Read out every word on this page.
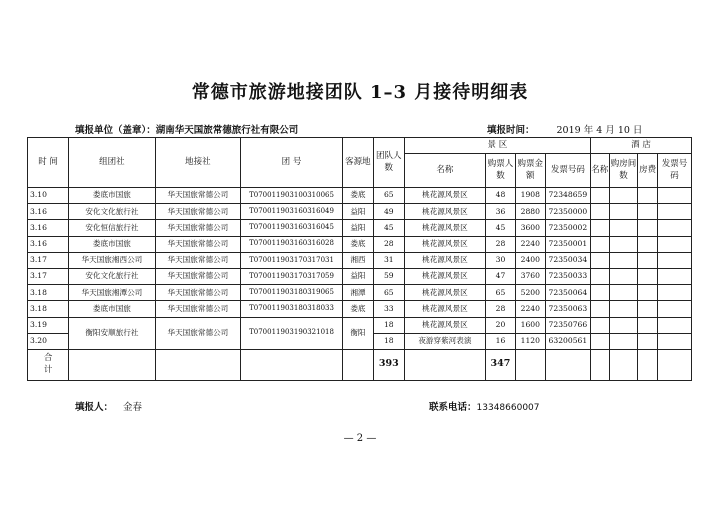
常德市旅游地接团队 1–3 月接待明细表
填报单位（盖章）：湖南华天国旅常德旅行社有限公司	填报时间： 2019 年 4 月 10 日
时 间	组团社	地接社	团 号	客源地	团队人数	景 区				酒 店			
						名称	购票人数	购票金额	发票号码	名称	购房间数	房费	发票号码
3.10	娄底市国旅	华天国旅常德公司	T070011903100310065	娄底	65	桃花源风景区	48	1908	72348659				
3.16	安化文化旅行社	华天国旅常德公司	T070011903160316049	益阳	49	桃花源风景区	36	2880	72350000				
3.16	安化恒信旅行社	华天国旅常德公司	T070011903160316045	益阳	45	桃花源风景区	45	3600	72350002				
3.16	娄底市国旅	华天国旅常德公司	T070011903160316028	娄底	28	桃花源风景区	28	2240	72350001				
3.17	华天国旅湘西公司	华天国旅常德公司	T070011903170317031	湘西	31	桃花源风景区	30	2400	72350034				
3.17	安化文化旅行社	华天国旅常德公司	T070011903170317059	益阳	59	桃花源风景区	47	3760	72350033				
3.18	华天国旅湘潭公司	华天国旅常德公司	T070011903180319065	湘潭	65	桃花源风景区	65	5200	72350064				
3.18	娄底市国旅	华天国旅常德公司	T070011903180318033	娄底	33	桃花源风景区	28	2240	72350063				
3.19	衡阳安顺旅行社	华天国旅常德公司	T070011903190321018	衡阳	18	桃花源风景区	20	1600	72350766				
3.20					18	夜游穿紫河表演	16	1120	63200561				
合计					393		347						
填报人： 金春	联系电话：13348660007
— 2 —
